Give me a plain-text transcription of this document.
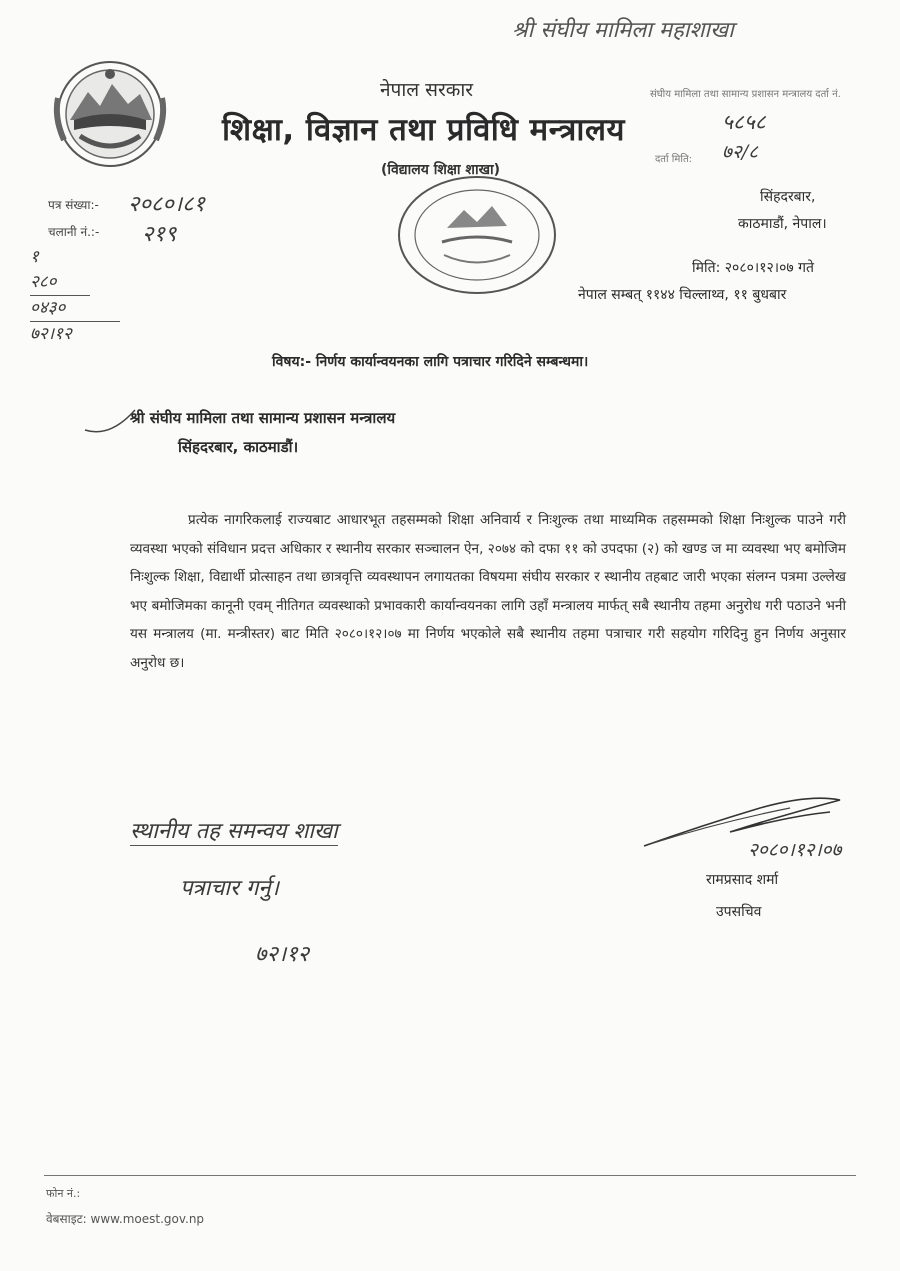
श्री संघीय मामिला महाशाखा
नेपाल सरकार
शिक्षा, विज्ञान तथा प्रविधि मन्त्रालय
(विद्यालय शिक्षा शाखा)
संघीय मामिला तथा सामान्य प्रशासन मन्त्रालय दर्ता नं.
५८५८
दर्ता मिति: ७२/८
पत्र संख्या:- २०८०।८१
चलानी नं.:- २१९
१
२८०
०४३०
७२।१२
सिंहदरबार,
काठमाडौं, नेपाल।
मिति: २०८०।१२।०७ गते
नेपाल सम्बत् ११४४ चिल्लाथ्व, ११ बुधबार
विषय:- निर्णय कार्यान्वयनका लागि पत्राचार गरिदिने सम्बन्धमा।
श्री संघीय मामिला तथा सामान्य प्रशासन मन्त्रालय
सिंहदरबार, काठमाडौं।
प्रत्येक नागरिकलाई राज्यबाट आधारभूत तहसम्मको शिक्षा अनिवार्य र निःशुल्क तथा माध्यमिक तहसम्मको शिक्षा निःशुल्क पाउने गरी व्यवस्था भएको संविधान प्रदत्त अधिकार र स्थानीय सरकार सञ्चालन ऐन, २०७४ को दफा ११ को उपदफा (२) को खण्ड ज मा व्यवस्था भए बमोजिम निःशुल्क शिक्षा, विद्यार्थी प्रोत्साहन तथा छात्रवृत्ति व्यवस्थापन लगायतका विषयमा संघीय सरकार र स्थानीय तहबाट जारी भएका संलग्न पत्रमा उल्लेख भए बमोजिमका कानूनी एवम् नीतिगत व्यवस्थाको प्रभावकारी कार्यान्वयनका लागि उहाँ मन्त्रालय मार्फत् सबै स्थानीय तहमा अनुरोध गरी पठाउने भनी यस मन्त्रालय (मा. मन्त्रीस्तर) बाट मिति २०८०।१२।०७ मा निर्णय भएकोले सबै स्थानीय तहमा पत्राचार गरी सहयोग गरिदिनु हुन निर्णय अनुसार अनुरोध छ।
स्थानीय तह समन्वय शाखा
पत्राचार गर्नु।
७२।१२
२०८०।१२।०७
रामप्रसाद शर्मा
उपसचिव
फोन नं.:
वेबसाइट: www.moest.gov.np
